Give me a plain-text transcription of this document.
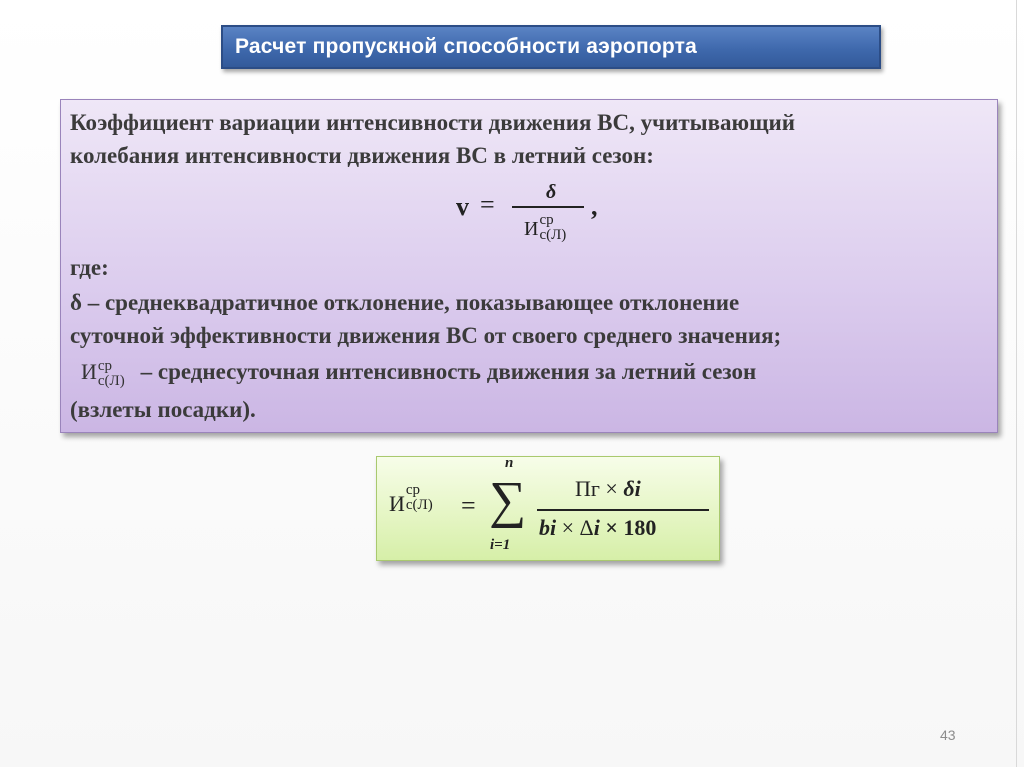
Расчет пропускной способности аэропорта
Коэффициент вариации интенсивности движения ВС, учитывающий
колебания интенсивности движения ВС в летний сезон:
v =	δ
И ср
с(Л)

,
где:
δ – среднеквадратичное отклонение, показывающее отклонение
суточной эффективности движения ВС от своего среднего значения;
И ср
с(Л) – среднесуточная интенсивность движения за летний сезон
(взлеты посадки).
И
ср
с(Л) =
n
∑
i=1
Пг × δi
bi × Δi × 180
43
